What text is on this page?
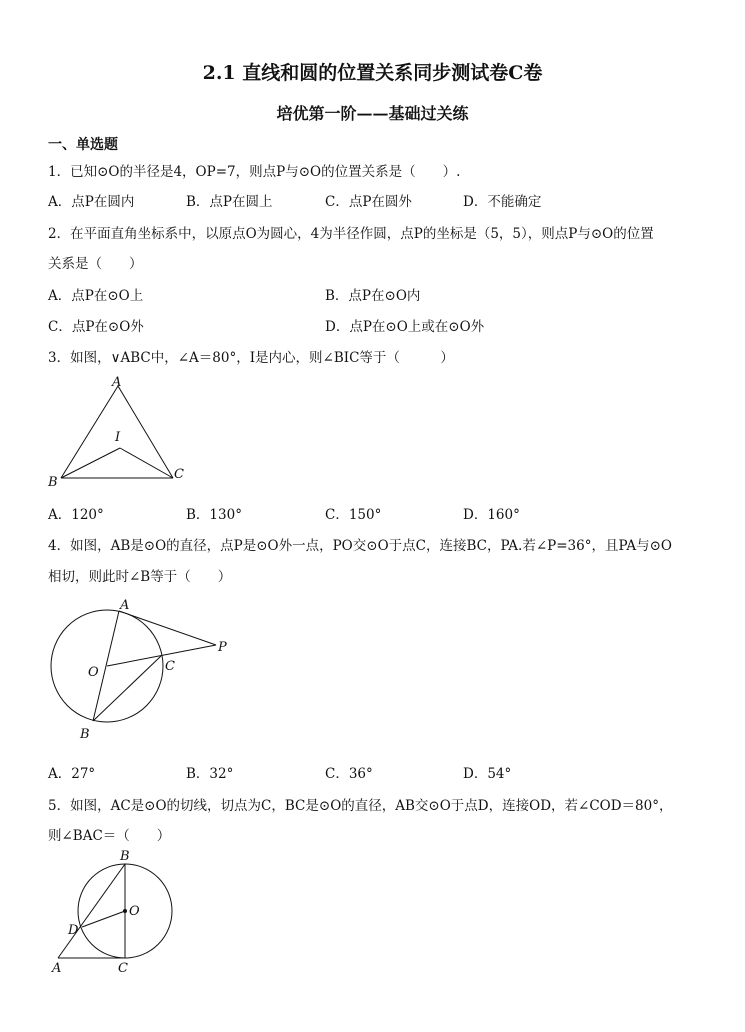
2.1 直线和圆的位置关系同步测试卷C卷
培优第一阶——基础过关练
一、单选题
1．已知⊙O的半径是4，OP=7，则点P与⊙O的位置关系是（　　）.
A．点P在圆内	B．点P在圆上	C．点P在圆外	D．不能确定
2．在平面直角坐标系中，以原点O为圆心，4为半径作圆，点P的坐标是（5，5），则点P与⊙O的位置
关系是（　　）
A．点P在⊙O上	B．点P在⊙O内
C．点P在⊙O外	D．点P在⊙O上或在⊙O外
3．如图，∨ABC中，∠A＝80°，I是内心，则∠BIC等于（　　　）
A
B
C
I
A．120°	B．130°	C．150°	D．160°
4．如图，AB是⊙O的直径，点P是⊙O外一点，PO交⊙O于点C，连接BC，PA.若∠P=36°，且PA与⊙O
相切，则此时∠B等于（　　）
A
P
O	C
B
A．27°	B．32°	C．36°	D．54°
5．如图，AC是⊙O的切线，切点为C，BC是⊙O的直径，AB交⊙O于点D，连接OD，若∠COD＝80°，
则∠BAC＝（　　）
B
O
D
A	C
